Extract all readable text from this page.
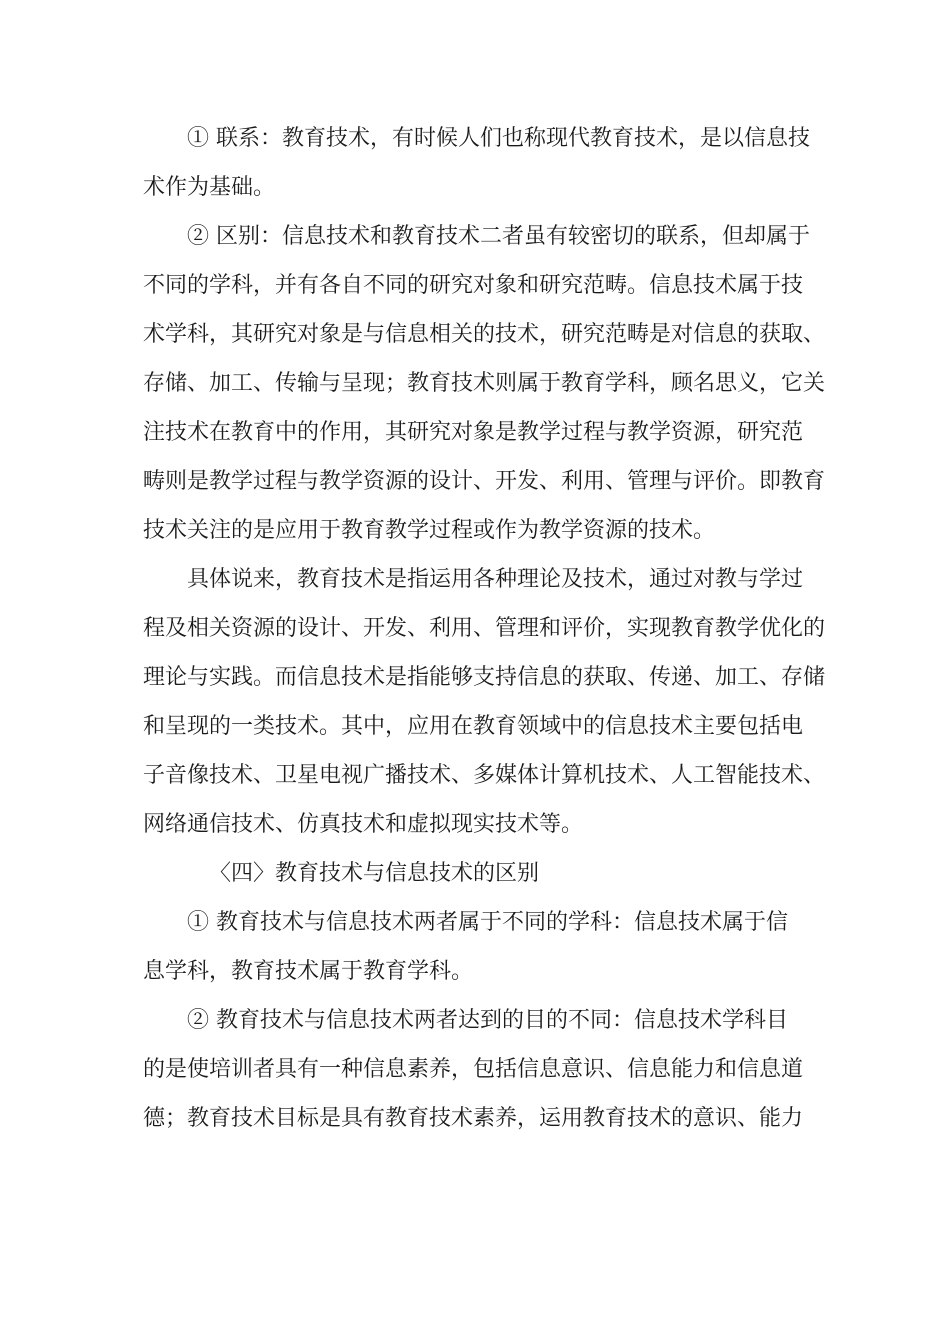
① 联系：教育技术，有时候人们也称现代教育技术，是以信息技
术作为基础。
② 区别：信息技术和教育技术二者虽有较密切的联系，但却属于
不同的学科，并有各自不同的研究对象和研究范畴。信息技术属于技
术学科，其研究对象是与信息相关的技术，研究范畴是对信息的获取、
存储、加工、传输与呈现；教育技术则属于教育学科，顾名思义，它关
注技术在教育中的作用，其研究对象是教学过程与教学资源，研究范
畴则是教学过程与教学资源的设计、开发、利用、管理与评价。即教育
技术关注的是应用于教育教学过程或作为教学资源的技术。
具体说来，教育技术是指运用各种理论及技术，通过对教与学过
程及相关资源的设计、开发、利用、管理和评价，实现教育教学优化的
理论与实践。而信息技术是指能够支持信息的获取、传递、加工、存储
和呈现的一类技术。其中，应用在教育领域中的信息技术主要包括电
子音像技术、卫星电视广播技术、多媒体计算机技术、人工智能技术、
网络通信技术、仿真技术和虚拟现实技术等。
〈四〉教育技术与信息技术的区别
① 教育技术与信息技术两者属于不同的学科：信息技术属于信
息学科，教育技术属于教育学科。
② 教育技术与信息技术两者达到的目的不同：信息技术学科目
的是使培训者具有一种信息素养，包括信息意识、信息能力和信息道
德；教育技术目标是具有教育技术素养，运用教育技术的意识、能力
